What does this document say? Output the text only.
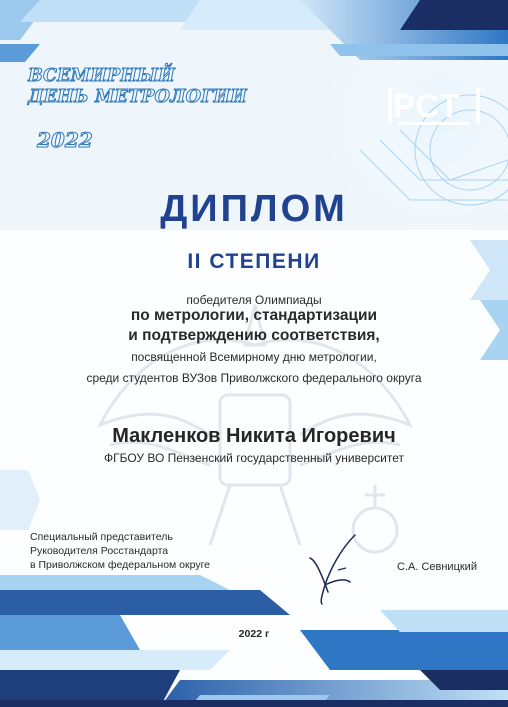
ВСЕМИРНЫЙ
ДЕНЬ МЕТРОЛОГИИ
2022
РСТ
ДИПЛОМ
II СТЕПЕНИ
победителя Олимпиады
по метрологии, стандартизации
и подтверждению соответствия,
посвященной Всемирному дню метрологии,
среди студентов ВУЗов Приволжского федерального округа
Макленков Никита Игоревич
ФГБОУ ВО Пензенский государственный университет
Специальный представитель
Руководителя Росстандарта
в Приволжском федеральном округе	С.А. Севницкий
2022 г
